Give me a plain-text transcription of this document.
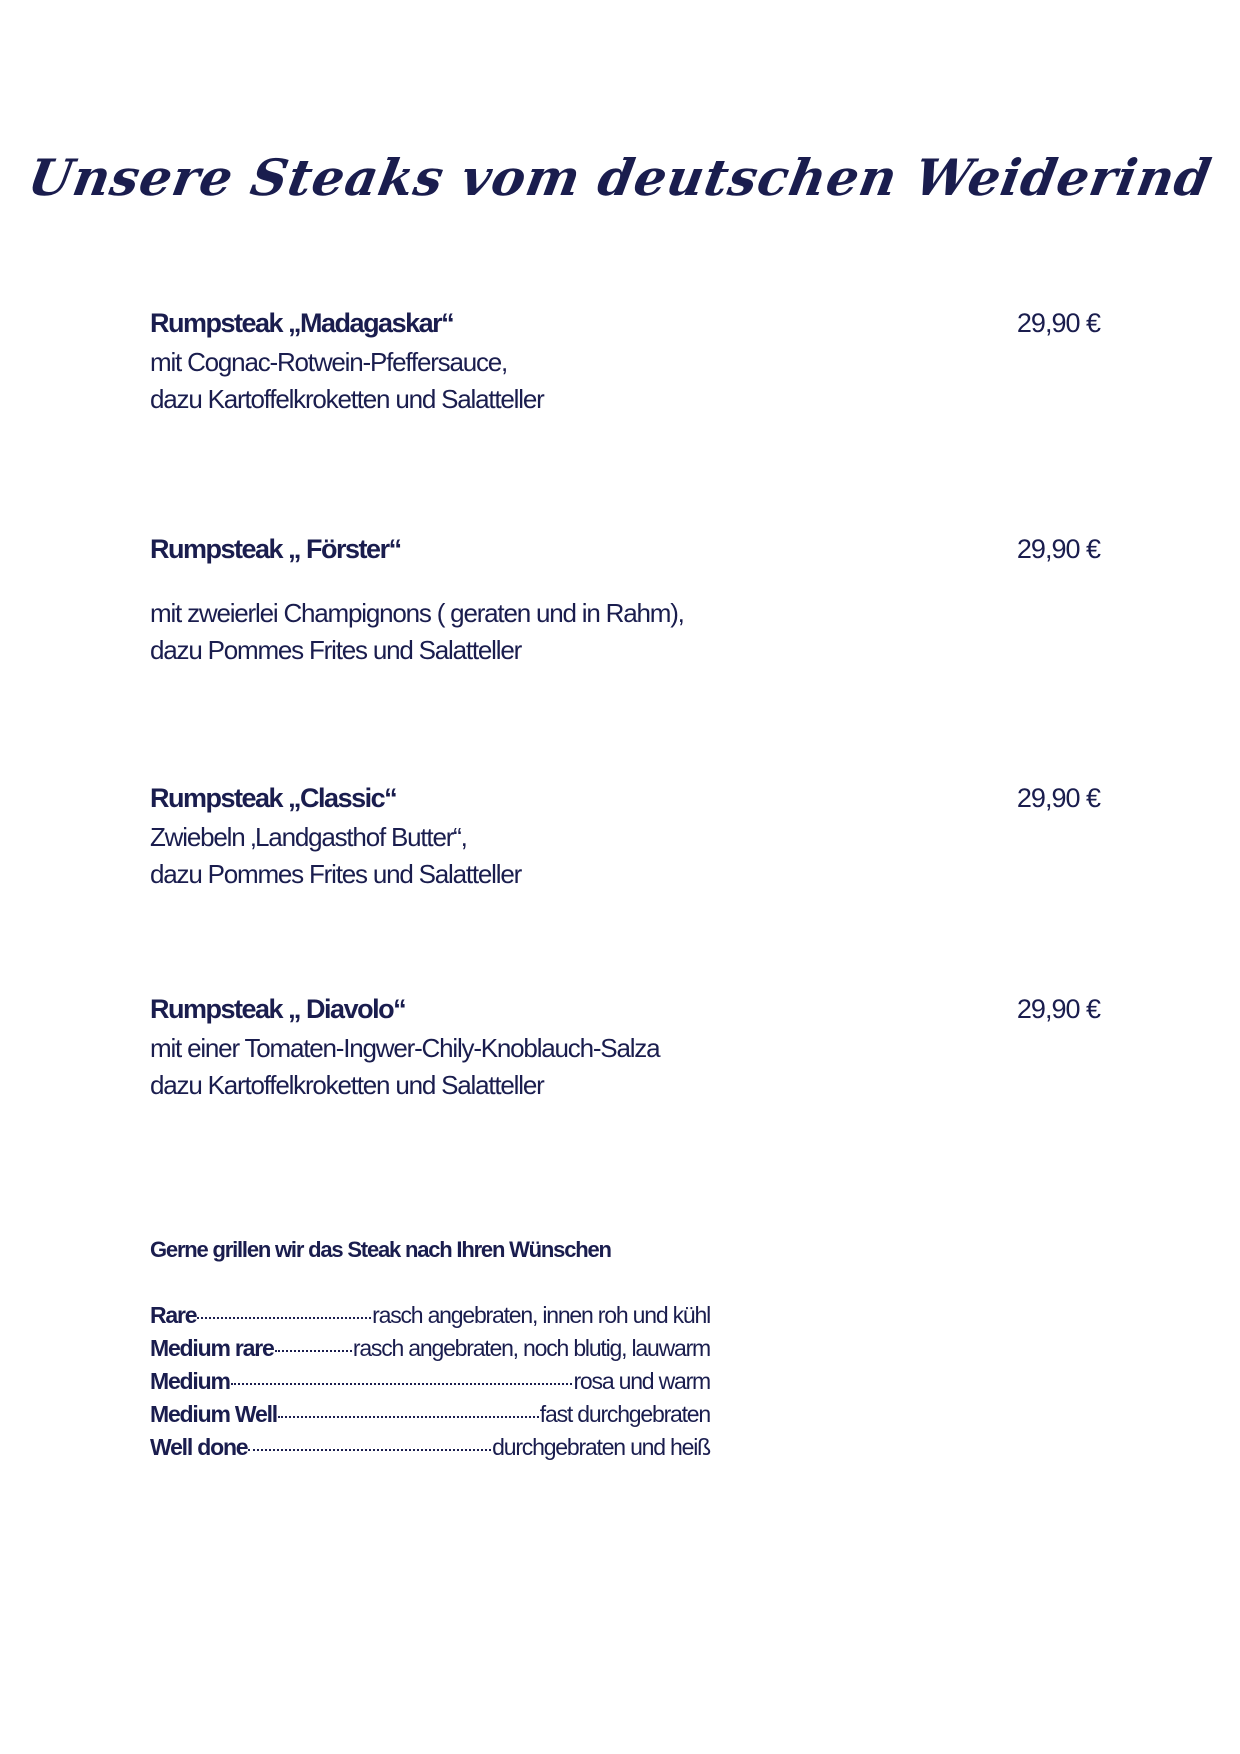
Unsere Steaks vom deutschen Weiderind
Rumpsteak „Madagaskar“	29,90 €
mit Cognac-Rotwein-Pfeffersauce,
dazu Kartoffelkroketten und Salatteller
Rumpsteak „ Förster“	29,90 €
mit zweierlei Champignons ( geraten und in Rahm),
dazu Pommes Frites und Salatteller
Rumpsteak „Classic“	29,90 €
Zwiebeln ‚Landgasthof Butter“,
dazu Pommes Frites und Salatteller
Rumpsteak „ Diavolo“	29,90 €
mit einer Tomaten-Ingwer-Chily-Knoblauch-Salza
dazu Kartoffelkroketten und Salatteller
Gerne grillen wir das Steak nach Ihren Wünschen
Rare	rasch angebraten, innen roh und kühl
Medium rare	rasch angebraten, noch blutig, lauwarm
Medium	rosa und warm
Medium Well	fast durchgebraten
Well done	durchgebraten und heiß
